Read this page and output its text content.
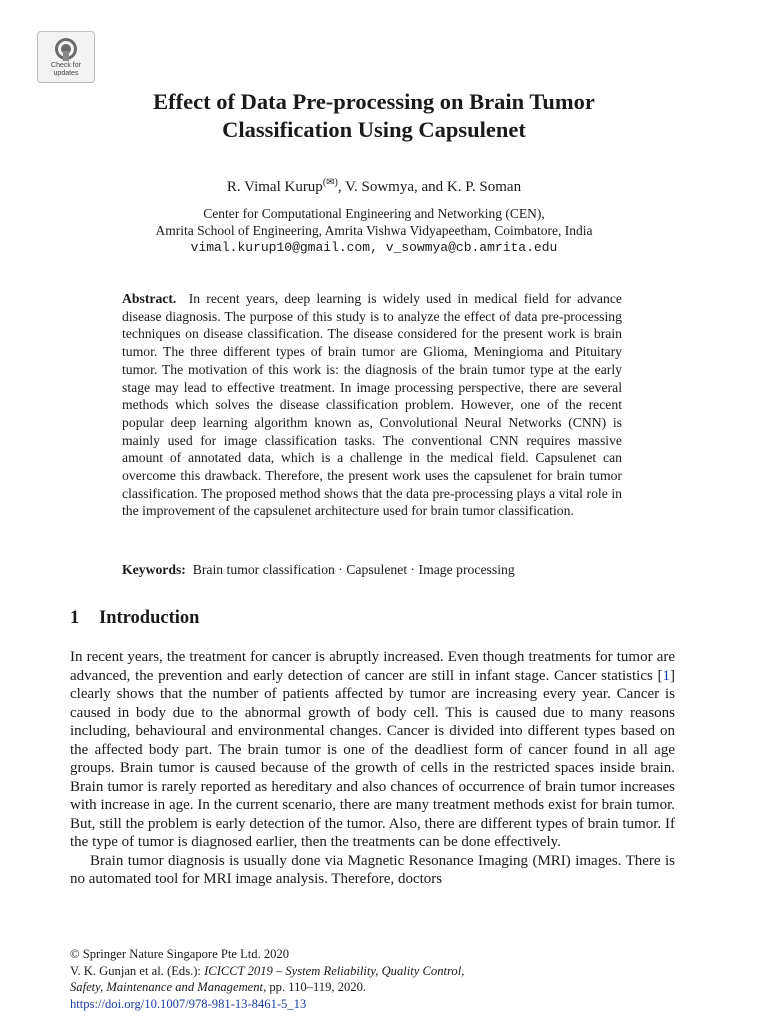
Check for
updates
Effect of Data Pre-processing on Brain Tumor
Classification Using Capsulenet
R. Vimal Kurup(✉), V. Sowmya, and K. P. Soman
Center for Computational Engineering and Networking (CEN),
Amrita School of Engineering, Amrita Vishwa Vidyapeetham, Coimbatore, India
vimal.kurup10@gmail.com, v_sowmya@cb.amrita.edu

Abstract. In recent years, deep learning is widely used in medical field for advance disease diagnosis. The purpose of this study is to analyze the effect of data pre-processing techniques on disease classification. The disease considered for the present work is brain tumor. The three different types of brain tumor are Glioma, Meningioma and Pituitary tumor. The motivation of this work is: the diagnosis of the brain tumor type at the early stage may lead to effective treatment. In image processing perspective, there are several methods which solves the disease classification problem. However, one of the recent popular deep learning algorithm known as, Convolutional Neural Networks (CNN) is mainly used for image classification tasks. The conventional CNN requires massive amount of annotated data, which is a challenge in the medical field. Capsulenet can overcome this drawback. Therefore, the present work uses the capsulenet for brain tumor classification. The proposed method shows that the data pre-processing plays a vital role in the improvement of the capsulenet architecture used for brain tumor classification.

Keywords: Brain tumor classification · Capsulenet · Image processing
1 Introduction

In recent years, the treatment for cancer is abruptly increased. Even though treatments for tumor are advanced, the prevention and early detection of cancer are still in infant stage. Cancer statistics [1] clearly shows that the number of patients affected by tumor are increasing every year. Cancer is caused in body due to the abnormal growth of body cell. This is caused due to many reasons including, behavioural and environmental changes. Cancer is divided into different types based on the affected body part. The brain tumor is one of the deadliest form of cancer found in all age groups. Brain tumor is caused because of the growth of cells in the restricted spaces inside brain. Brain tumor is rarely reported as hereditary and also chances of occurrence of brain tumor increases with increase in age. In the current scenario, there are many treatment methods exist for brain tumor. But, still the problem is early detection of the tumor. Also, there are different types of brain tumor. If the type of tumor is diagnosed earlier, then the treatments can be done effectively.

Brain tumor diagnosis is usually done via Magnetic Resonance Imaging (MRI) images. There is no automated tool for MRI image analysis. Therefore, doctors

© Springer Nature Singapore Pte Ltd. 2020
V. K. Gunjan et al. (Eds.): ICICCT 2019 – System Reliability, Quality Control,
Safety, Maintenance and Management, pp. 110–119, 2020.
https://doi.org/10.1007/978-981-13-8461-5_13
